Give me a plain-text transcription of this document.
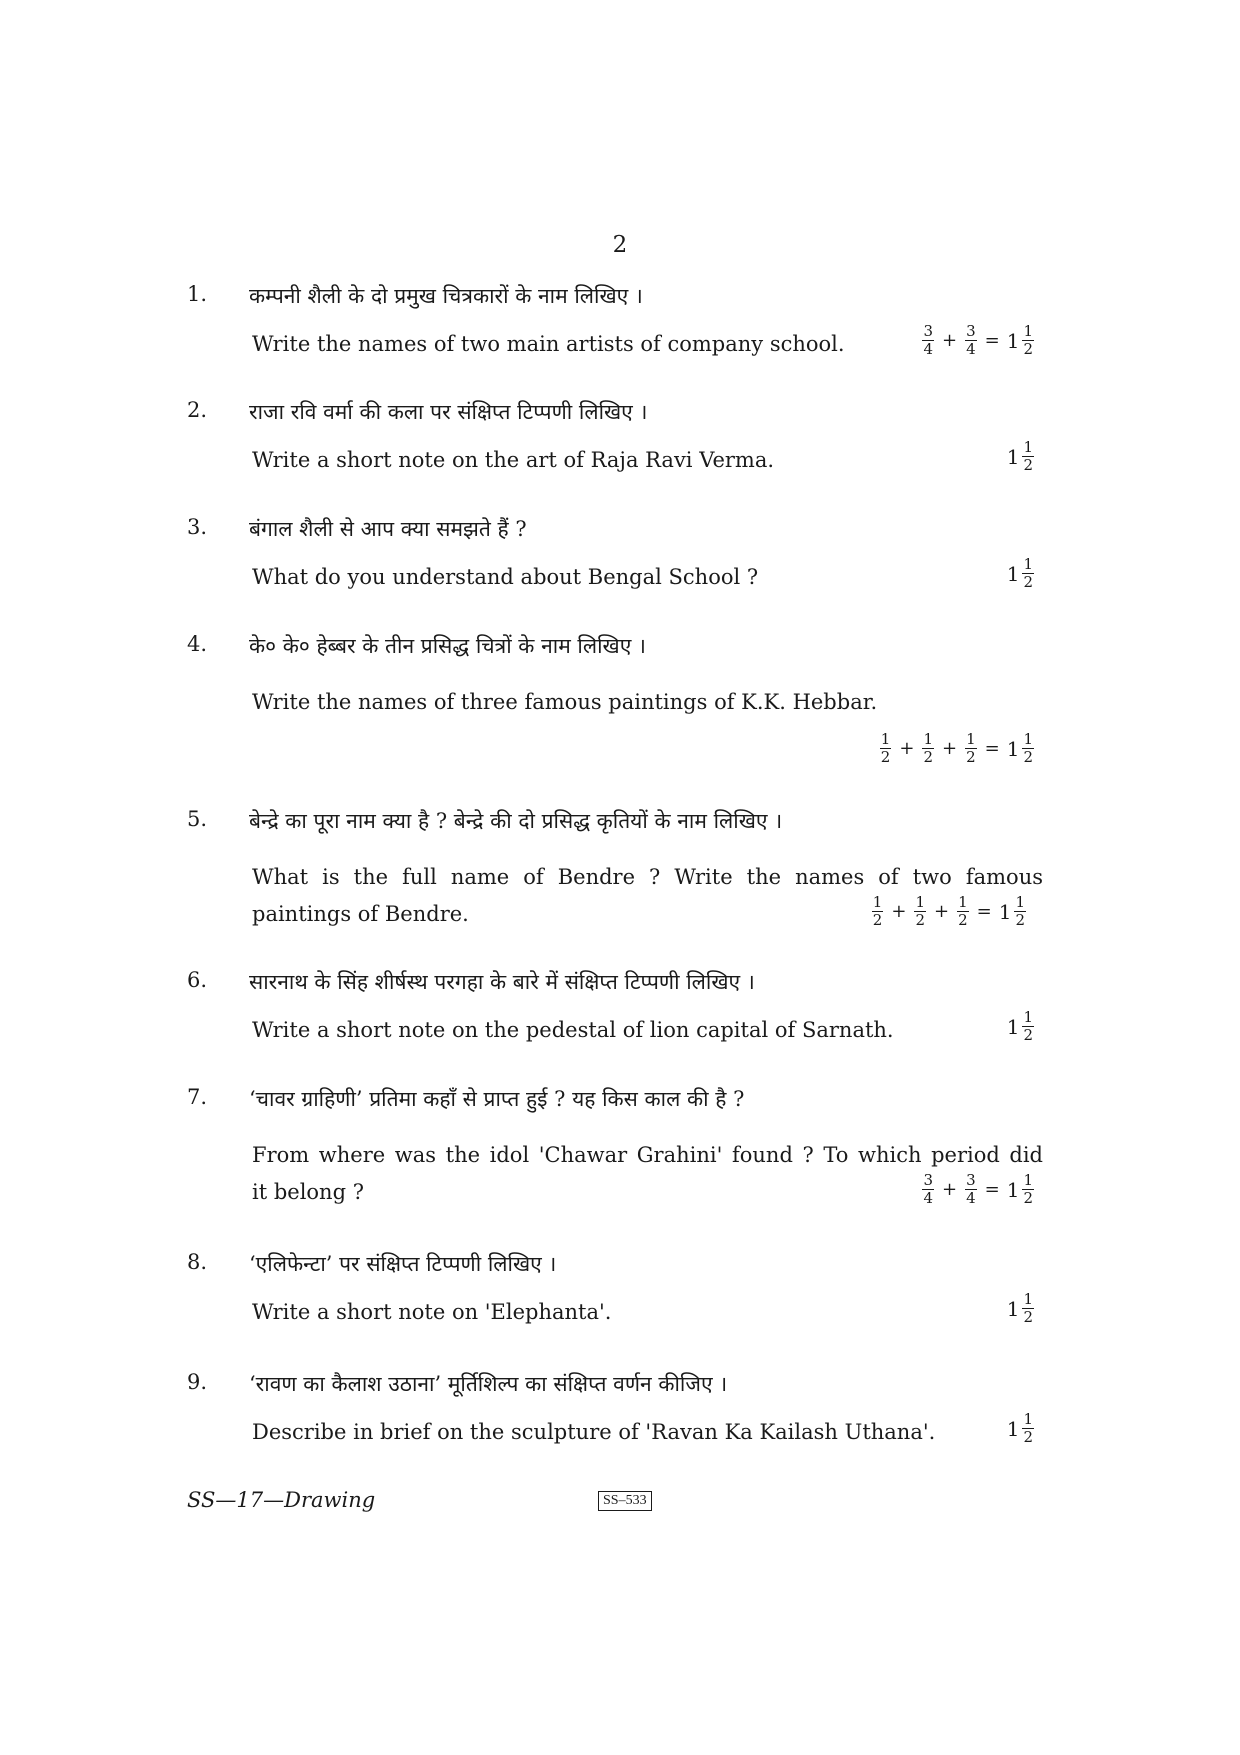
2
1. कम्पनी शैली के दो प्रमुख चित्रकारों के नाम लिखिए ।
Write the names of two main artists of company school.	$\frac{3}{4} + \frac{3}{4} = 1 \frac{1}{2}$
2. राजा रवि वर्मा की कला पर संक्षिप्त टिप्पणी लिखिए ।
Write a short note on the art of Raja Ravi Verma.	$1 \frac{1}{2}$
3. बंगाल शैली से आप क्या समझते हैं ?
What do you understand about Bengal School ?	$1 \frac{1}{2}$
4. के० के० हेब्बर के तीन प्रसिद्ध चित्रों के नाम लिखिए ।
Write the names of three famous paintings of K.K. Hebbar.
$\frac{1}{2} + \frac{1}{2} + \frac{1}{2} = 1 \frac{1}{2}$
5. बेन्द्रे का पूरा नाम क्या है ? बेन्द्रे की दो प्रसिद्ध कृतियों के नाम लिखिए ।
What is the full name of Bendre ? Write the names of two famous
paintings of Bendre.	$\frac{1}{2} + \frac{1}{2} + \frac{1}{2} = 1 \frac{1}{2}$
6. सारनाथ के सिंह शीर्षस्थ परगहा के बारे में संक्षिप्त टिप्पणी लिखिए ।
Write a short note on the pedestal of lion capital of Sarnath.	$1 \frac{1}{2}$
7. ‘चावर ग्राहिणी’ प्रतिमा कहाँ से प्राप्त हुई ? यह किस काल की है ?
From where was the idol 'Chawar Grahini' found ? To which period did
it belong ?	$\frac{3}{4} + \frac{3}{4} = 1 \frac{1}{2}$
8. ‘एलिफेन्टा’ पर संक्षिप्त टिप्पणी लिखिए ।
Write a short note on 'Elephanta'.	$1 \frac{1}{2}$
9. ‘रावण का कैलाश उठाना’ मूर्तिशिल्प का संक्षिप्त वर्णन कीजिए ।
Describe in brief on the sculpture of 'Ravan Ka Kailash Uthana'.	$1 \frac{1}{2}$
SS—17—Drawing	SS–533
